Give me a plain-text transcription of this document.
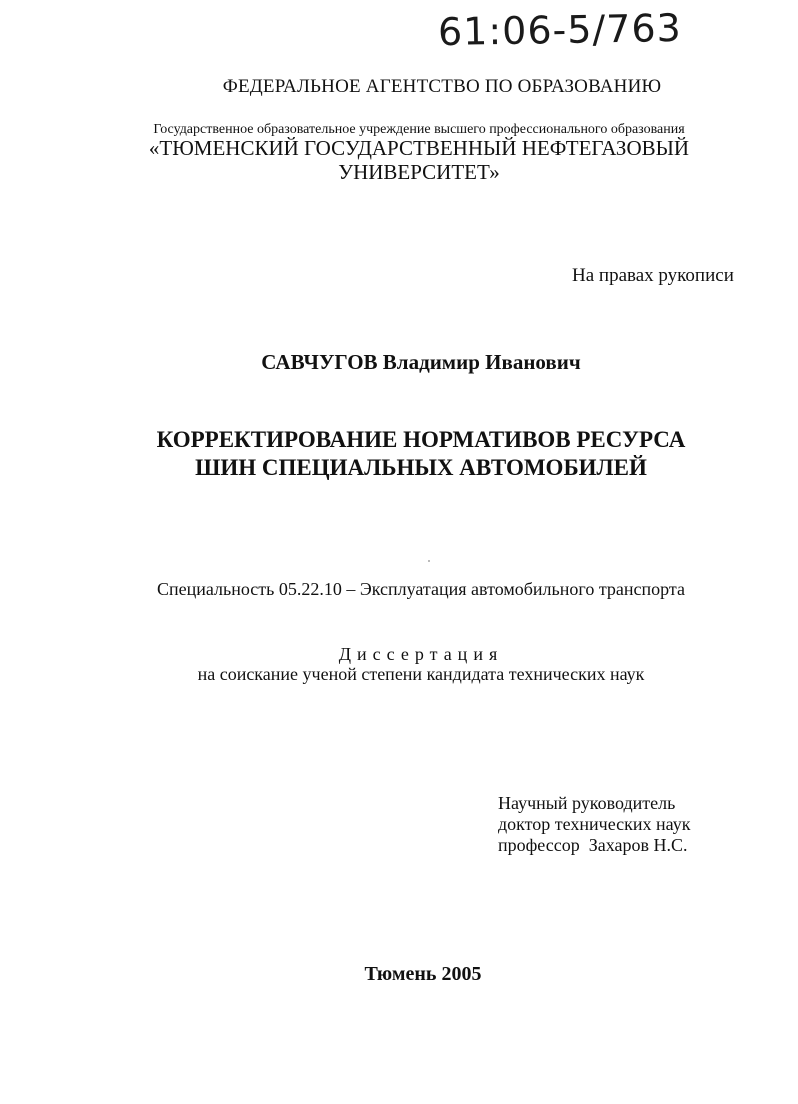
61:06-5/763
ФЕДЕРАЛЬНОЕ АГЕНТСТВО ПО ОБРАЗОВАНИЮ
Государственное образовательное учреждение высшего профессионального образования
«ТЮМЕНСКИЙ ГОСУДАРСТВЕННЫЙ НЕФТЕГАЗОВЫЙ
УНИВЕРСИТЕТ»
На правах рукописи
САВЧУГОВ Владимир Иванович
КОРРЕКТИРОВАНИЕ НОРМАТИВОВ РЕСУРСА
ШИН СПЕЦИАЛЬНЫХ АВТОМОБИЛЕЙ
Специальность 05.22.10 – Эксплуатация автомобильного транспорта
Диссертация
на соискание ученой степени кандидата технических наук
Научный руководитель
доктор технических наук
профессор  Захаров Н.С.
Тюмень 2005
